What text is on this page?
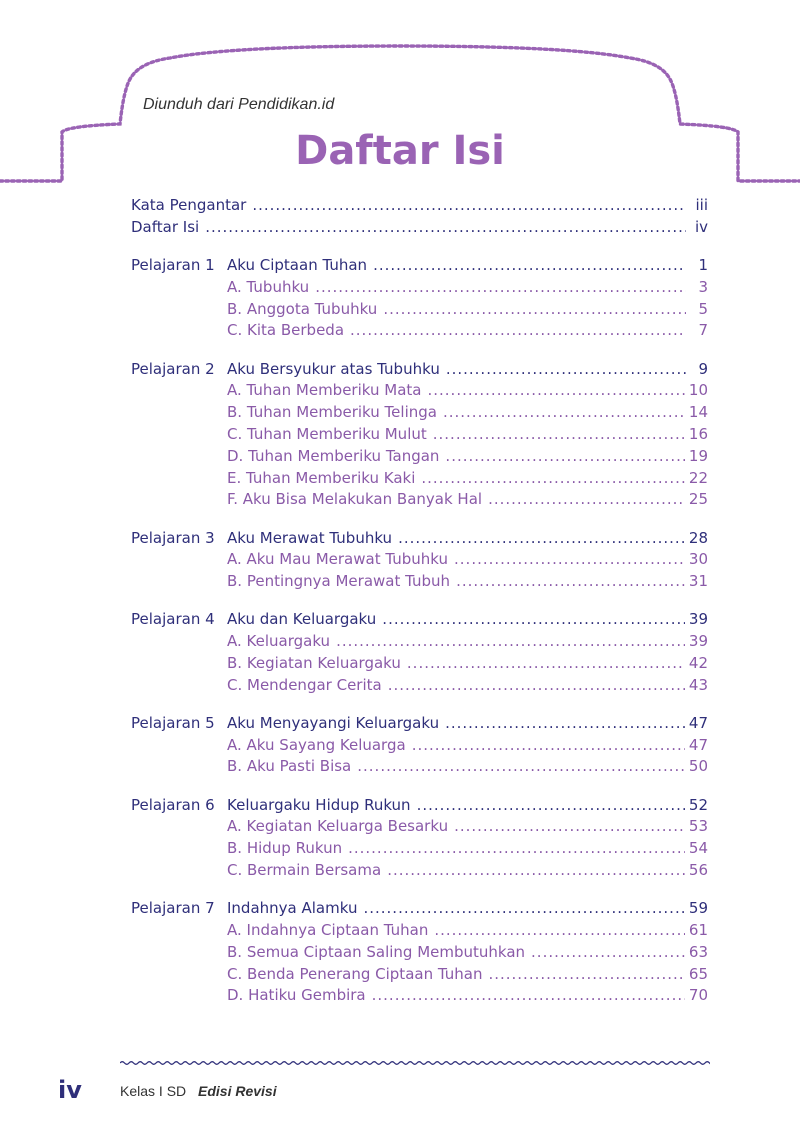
Diunduh dari Pendidikan.id
Daftar Isi
Kata Pengantar .....	iii
Daftar Isi .....	iv
Pelajaran 1 Aku Ciptaan Tuhan .....	1
A. Tubuhku .....	3
B. Anggota Tubuhku .....	5
C. Kita Berbeda .....	7
Pelajaran 2 Aku Bersyukur atas Tubuhku .....	9
A. Tuhan Memberiku Mata .....	10
B. Tuhan Memberiku Telinga .....	14
C. Tuhan Memberiku Mulut .....	16
D. Tuhan Memberiku Tangan .....	19
E. Tuhan Memberiku Kaki .....	22
F. Aku Bisa Melakukan Banyak Hal .....	25
Pelajaran 3 Aku Merawat Tubuhku .....	28
A. Aku Mau Merawat Tubuhku .....	30
B. Pentingnya Merawat Tubuh .....	31
Pelajaran 4 Aku dan Keluargaku .....	39
A. Keluargaku .....	39
B. Kegiatan Keluargaku .....	42
C. Mendengar Cerita .....	43
Pelajaran 5 Aku Menyayangi Keluargaku .....	47
A. Aku Sayang Keluarga .....	47
B. Aku Pasti Bisa .....	50
Pelajaran 6 Keluargaku Hidup Rukun .....	52
A. Kegiatan Keluarga Besarku .....	53
B. Hidup Rukun .....	54
C. Bermain Bersama .....	56
Pelajaran 7 Indahnya Alamku .....	59
A. Indahnya Ciptaan Tuhan .....	61
B. Semua Ciptaan Saling Membutuhkan .....	63
C. Benda Penerang Ciptaan Tuhan .....	65
D. Hatiku Gembira .....	70
iv	Kelas I SD Edisi Revisi
